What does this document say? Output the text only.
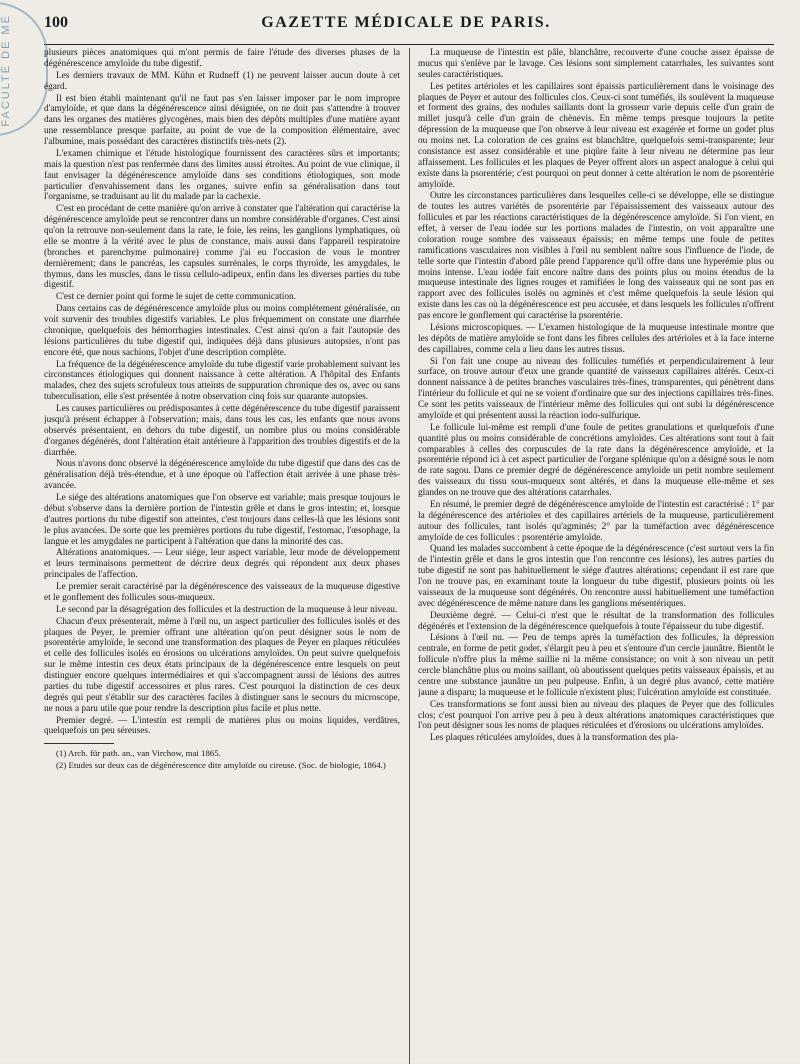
FACULTÉ DE MÉ 100	GAZETTE MÉDICALE DE PARIS.

plusieurs pièces anatomiques qui m'ont permis de faire l'étude des diverses phases de la dégénérescence amyloïde du tube digestif.

Les derniers travaux de MM. Kühn et Rudneff (1) ne peuvent laisser aucun doute à cet égard.

Il est bien établi maintenant qu'il ne faut pas s'en laisser imposer par le nom impropre d'amyloïde, et que dans la dégénérescence ainsi désignée, on ne doit pas s'attendre à trouver dans les organes des matières glycogènes, mais bien des dépôts multiples d'une matière ayant une ressemblance presque parfaite, au point de vue de la composition élémentaire, avec l'albumine, mais possédant des caractères distinctifs très-nets (2).

L'examen chimique et l'étude histologique fournissent des caractères sûrs et importants; mais la question n'est pas renfermée dans des limites aussi étroites. Au point de vue clinique, il faut envisager la dégénérescence amyloïde dans ses conditions étiologiques, son mode particulier d'envahissement dans les organes, suivre enfin sa généralisation dans tout l'organisme, se traduisant au lit du malade par la cachexie.

C'est en procédant de cette manière qu'on arrive à constater que l'altération qui caractérise la dégénérescence amyloïde peut se rencontrer dans un nombre considérable d'organes. C'est ainsi qu'on la retrouve non-seulement dans la rate, le foie, les reins, les ganglions lymphatiques, où elle se montre à la vérité avec le plus de constance, mais aussi dans l'appareil respiratoire (bronches et parenchyme pulmonaire) comme j'ai eu l'occasion de vous le montrer dernièrement; dans le pancréas, les capsules surrénales, le corps thyroïde, les amygdales, le thymus, dans les muscles, dans le tissu cellulo-adipeux, enfin dans les diverses parties du tube digestif.

C'est ce dernier point qui forme le sujet de cette communication.

Dans certains cas de dégénérescence amyloïde plus ou moins complétement généralisée, on voit survenir des troubles digestifs variables. Le plus fréquemment on constate une diarrhée chronique, quelquefois des hémorrhagies intestinales. C'est ainsi qu'on a fait l'autopsie des lésions particulières du tube digestif qui, indiquées déjà dans plusieurs autopsies, n'ont pas encore été, que nous sachions, l'objet d'une description complète.

La fréquence de la dégénérescence amyloïde du tube digestif varie probablement suivant les circonstances étiologiques qui donnent naissance à cette altération. A l'hôpital des Enfants malades, chez des sujets scrofuleux tous atteints de suppuration chronique des os, avec ou sans tuberculisation, elle s'est présentée à notre observation cinq fois sur quarante autopsies.

Les causes particulières ou prédisposantes à cette dégénérescence du tube digestif paraissent jusqu'à présent échapper à l'observation; mais, dans tous les cas, les enfants que nous avons observés présentaient, en dehors du tube digestif, un nombre plus ou moins considérable d'organes dégénérés, dont l'altération était antérieure à l'apparition des troubles digestifs et de la diarrhée.

Nous n'avons donc observé la dégénérescence amyloïde du tube digestif que dans des cas de généralisation déjà très-étendue, et à une époque où l'affection était arrivée à une phase très-avancée.

Le siége des altérations anatomiques que l'on observe est variable; mais presque toujours le début s'observe dans la dernière portion de l'intestin grêle et dans le gros intestin; et, lorsque d'autres portions du tube digestif son atteintes, c'est toujours dans celles-là que les lésions sont le plus avancées. De sorte que les premières portions du tube digestif, l'estomac, l'œsophage, la langue et les amygdales ne participent à l'altération que dans la minorité des cas.

Altérations anatomiques. — Leur siége, leur aspect variable, leur mode de développement et leurs terminaisons permettent de décrire deux degrés qui répondent aux deux phases principales de l'affection.

Le premier serait caractérisé par la dégénérescence des vaisseaux de la muqueuse digestive et le gonflement des follicules sous-muqueux.

Le second par la désagrégation des follicules et la destruction de la muqueuse à leur niveau.

Chacun d'eux présenterait, même à l'œil nu, un aspect particulier des follicules isolés et des plaques de Peyer, le premier offrant une altération qu'on peut désigner sous le nom de psorentérie amyloïde, le second une transformation des plaques de Peyer en plaques réticulées et celle des follicules isolés en érosions ou ulcérations amyloïdes. On peut suivre quelquefois sur le même intestin ces deux états principaux de la dégénérescence entre lesquels on peut distinguer encore quelques intermédiaires et qui s'accompagnent aussi de lésions des autres parties du tube digestif accessoires et plus rares. C'est pourquoi la distinction de ces deux degrés qui peut s'établir sur des caractères faciles à distinguer sans le secours du microscope, ne nous a paru utile que pour rendre la description plus facile et plus nette.

Premier degré. — L'intestin est rempli de matières plus ou moins liquides, verdâtres, quelquefois un peu séreuses.

(1) Arch. für path. an., van Virchow, mai 1865.

(2) Etudes sur deux cas de dégénérescence dite amyloïde ou cireuse. (Soc. de biologie, 1864.)

La muqueuse de l'intestin est pâle, blanchâtre, recouverte d'une couche assez épaisse de mucus qui s'enlève par le lavage. Ces lésions sont simplement catarrhales, les suivantes sont seules caractéristiques.

Les petites artérioles et les capillaires sont épaissis particulièrement dans le voisinage des plaques de Peyer et autour des follicules clos. Ceux-ci sont tuméfiés, ils soulèvent la muqueuse et forment des grains, des nodules saillants dont la grosseur varie depuis celle d'un grain de millet jusqu'à celle d'un grain de chènevis. En même temps presque toujours la petite dépression de la muqueuse que l'on observe à leur niveau est exagérée et forme un godet plus ou moins net. La coloration de ces grains est blanchâtre, quelquefois semi-transparente; leur consistance est assez considérable et une piqûre faite à leur niveau ne détermine pas leur affaissement. Les follicules et les plaques de Peyer offrent alors un aspect analogue à celui qui existe dans la psorentérie; c'est pourquoi on peut donner à cette altération le nom de psorentérie amyloïde.

Outre les circonstances particulières dans lesquelles celle-ci se développe, elle se distingue de toutes les autres variétés de psorentérie par l'épaississement des vaisseaux autour des follicules et par les réactions caractéristiques de la dégénérescence amyloïde. Si l'on vient, en effet, à verser de l'eau iodée sur les portions malades de l'intestin, on voit apparaître une coloration rouge sombre des vaisseaux épaissis; en même temps une foule de petites ramifications vasculaires non visibles à l'œil nu semblent naître sous l'influence de l'iode, de telle sorte que l'intestin d'abord pâle prend l'apparence qu'il offre dans une hyperémie plus ou moins intense. L'eau iodée fait encore naître dans des points plus ou moins étendus de la muqueuse intestinale des lignes rouges et ramifiées le long des vaisseaux qui ne sont pas en rapport avec des follicules isolés ou agminés et c'est même quelquefois la seule lésion qui existe dans les cas où la dégénérescence est peu accusée, et dans lesquels les follicules n'offrent pas encore le gonflement qui caractérise la psorentérie.

Lésions microscopiques. — L'examen histologique de la muqueuse intestinale montre que les dépôts de matière amyloïde se font dans les fibres cellules des artérioles et à la face interne des capillaires, comme cela a lieu dans les autres tissus.

Si l'on fait une coupe au niveau des follicules tuméfiés et perpendiculairement à leur surface, on trouve autour d'eux une grande quantité de vaisseaux capillaires altérés. Ceux-ci donnent naissance à de petites branches vasculaires très-fines, transparentes, qui pénètrent dans l'intérieur du follicule et qui ne se voient d'ordinaire que sur des injections capillaires très-fines. Ce sont les petits vaisseaux de l'intérieur même des follicules qui ont subi la dégénérescence amyloïde et qui présentent aussi la réaction iodo-sulfurique.

Le follicule lui-même est rempli d'une foule de petites granulations et quelquefois d'une quantité plus ou moins considérable de concrétions amyloïdes. Ces altérations sont tout à fait comparables à celles des corpuscules de la rate dans la dégénérescence amyloïde, et la psorentérie répond ici à cet aspect particulier de l'organe splénique qu'on a désigné sous le nom de rate sagou. Dans ce premier degré de dégénérescence amyloïde un petit nombre seulement des vaisseaux du tissu sous-muqueux sont altérés, et dans la muqueuse elle-même et ses glandes on ne trouve que des altérations catarrhales.

En résumé, le premier degré de dégénérescence amyloïde de l'intestin est caractérisé : 1° par la dégénérescence des artérioles et des capillaires artériels de la muqueuse, particulièrement autour des follicules, tant isolés qu'agminés; 2° par la tuméfaction avec dégénérescence amyloïde de ces follicules : psorentérie amyloïde.

Quand les malades succombent à cette époque de la dégénérescence (c'est surtout vers la fin de l'intestin grêle et dans le gros intestin que l'on rencontre ces lésions), les autres parties du tube digestif ne sont pas habituellement le siége d'autres altérations; cependant il est rare que l'on ne trouve pas, en examinant toute la longueur du tube digestif, plusieurs points où les vaisseaux de la muqueuse sont dégénérés. On rencontre aussi habituellement une tuméfaction avec dégénérescence de même nature dans les ganglions mésentériques.

Deuxième degré. — Celui-ci n'est que le résultat de la transformation des follicules dégénérés et l'extension de la dégénérescence quelquefois à toute l'épaisseur du tube digestif.

Lésions à l'œil nu. — Peu de temps après la tuméfaction des follicules, la dépression centrale, en forme de petit godet, s'élargit peu à peu et s'entoure d'un cercle jaunâtre. Bientôt le follicule n'offre plus la même saillie ni la même consistance; on voit à son niveau un petit cercle blanchâtre plus ou moins saillant, où aboutissent quelques petits vaisseaux épaissis, et au centre une substance jaunâtre un peu pulpeuse. Enfin, à un degré plus avancé, cette matière jaune a disparu; la muqueuse et le follicule n'existent plus; l'ulcération amyloïde est constituée.

Ces transformations se font aussi bien au niveau des plaques de Peyer que des follicules clos; c'est pourquoi l'on arrive peu à peu à deux altérations anatomiques caractéristiques que l'on peut désigner sous les noms de plaques réticulées et d'érosions ou ulcérations amyloïdes.

Les plaques réticulées amyloïdes, dues à la transformation des pla-
